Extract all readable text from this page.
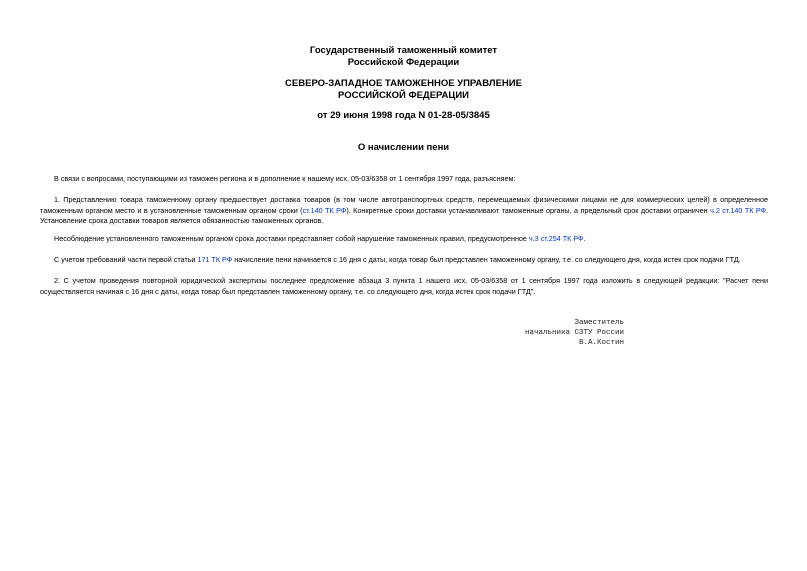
Государственный таможенный комитет
Российской Федерации
СЕВЕРО-ЗАПАДНОЕ ТАМОЖЕННОЕ УПРАВЛЕНИЕ
РОССИЙСКОЙ ФЕДЕРАЦИИ
от 29 июня 1998 года N 01-28-05/3845
О начислении пени

В связи с вопросами, поступающими из таможен региона и в дополнение к нашему исх. 05-03/6358 от 1 сентября 1997 года, разъясняем:

1. Представлению товара таможенному органу предшествует доставка товаров (в том числе автотранспортных средств, перемещаемых физическими лицами не для коммерческих целей) в определенное таможенным органом место и в установленные таможенным органом сроки (ст.140 ТК РФ). Конкретные сроки доставки устанавливают таможенные органы, а предельный срок доставки ограничен ч.2 ст.140 ТК РФ. Установление срока доставки товаров является обязанностью таможенных органов.

Несоблюдение установленного таможенным органом срока доставки представляет собой нарушение таможенных правил, предусмотренное ч.3 ст.254 ТК РФ.

С учетом требований части первой статьи 171 ТК РФ начисление пени начинается с 16 дня с даты, когда товар был представлен таможенному органу, т.е. со следующего дня, когда истек срок подачи ГТД.

2. С учетом проведения повторной юридической экспертизы последнее предложение абзаца 3 пункта 1 нашего исх. 05-03/6358 от 1 сентября 1997 года изложить в следующей редакции: "Расчет пени осуществляется начиная с 16 дня с даты, когда товар был представлен таможенному органу, т.е. со следующего дня, когда истек срок подачи ГТД".

Заместитель
начальника СЗТУ России
В.А.Костин
